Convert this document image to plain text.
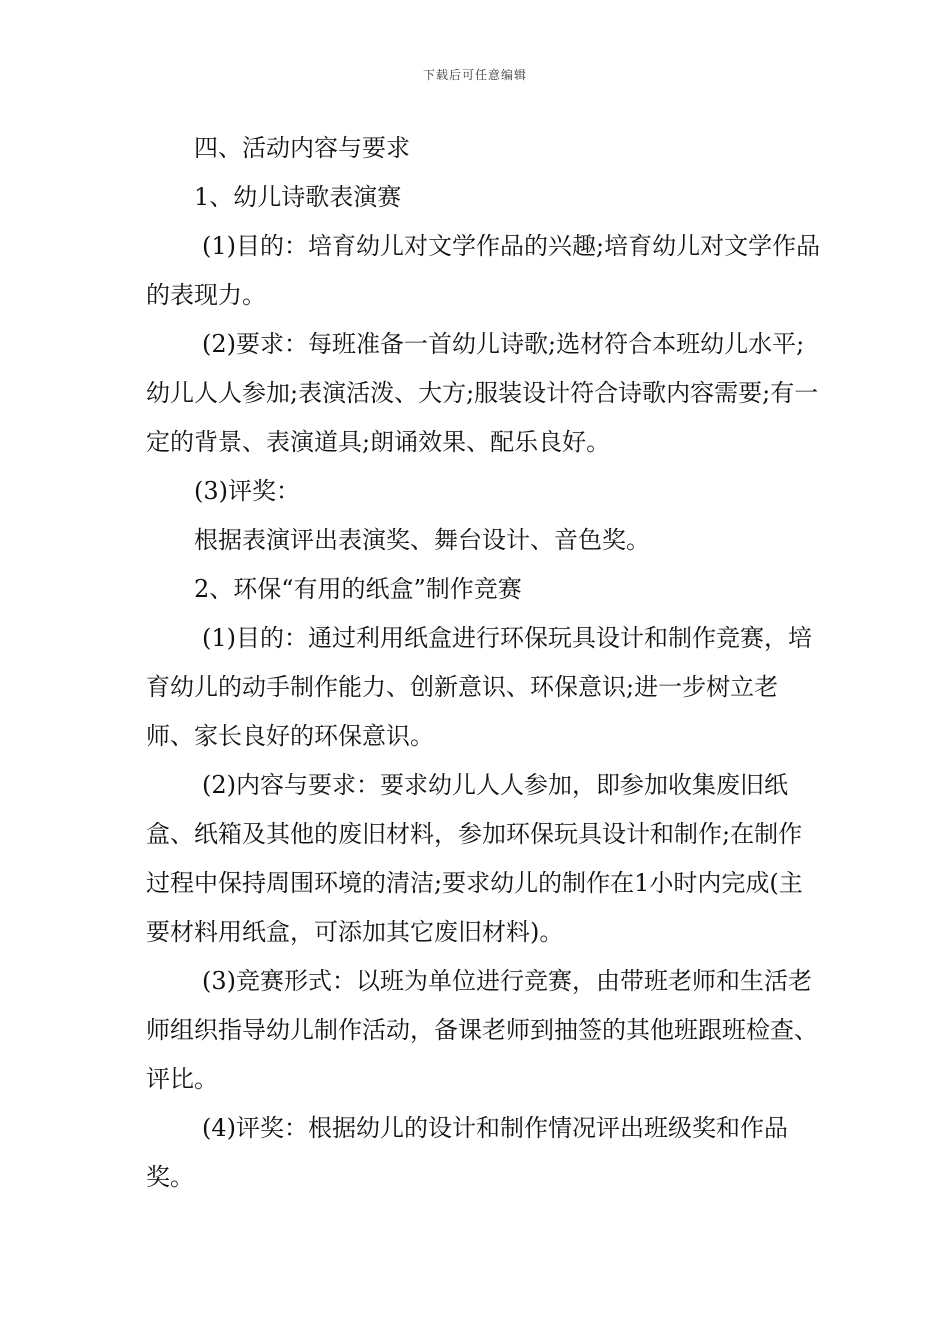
下载后可任意编辑

四、活动内容与要求

1、幼儿诗歌表演赛

(1)目的：培育幼儿对文学作品的兴趣;培育幼儿对文学作品的表现力。

(2)要求：每班准备一首幼儿诗歌;选材符合本班幼儿水平;幼儿人人参加;表演活泼、大方;服装设计符合诗歌内容需要;有一定的背景、表演道具;朗诵效果、配乐良好。

(3)评奖：

根据表演评出表演奖、舞台设计、音色奖。

2、环保“有用的纸盒”制作竞赛

(1)目的：通过利用纸盒进行环保玩具设计和制作竞赛，培育幼儿的动手制作能力、创新意识、环保意识;进一步树立老师、家长良好的环保意识。

(2)内容与要求：要求幼儿人人参加，即参加收集废旧纸盒、纸箱及其他的废旧材料，参加环保玩具设计和制作;在制作过程中保持周围环境的清洁;要求幼儿的制作在1小时内完成(主要材料用纸盒，可添加其它废旧材料)。

(3)竞赛形式：以班为单位进行竞赛，由带班老师和生活老师组织指导幼儿制作活动，备课老师到抽签的其他班跟班检查、评比。

(4)评奖：根据幼儿的设计和制作情况评出班级奖和作品奖。
